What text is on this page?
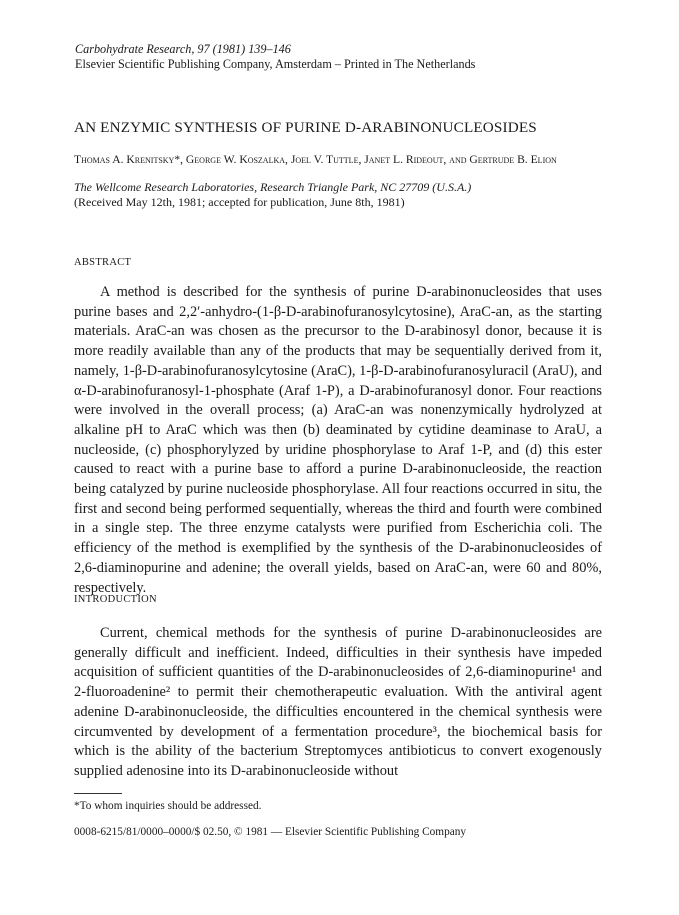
Carbohydrate Research, 97 (1981) 139–146
Elsevier Scientific Publishing Company, Amsterdam – Printed in The Netherlands
AN ENZYMIC SYNTHESIS OF PURINE D-ARABINONUCLEOSIDES
Thomas A. Krenitsky*, George W. Koszalka, Joel V. Tuttle, Janet L. Rideout, and Gertrude B. Elion
The Wellcome Research Laboratories, Research Triangle Park, NC 27709 (U.S.A.)
(Received May 12th, 1981; accepted for publication, June 8th, 1981)
ABSTRACT

A method is described for the synthesis of purine D-arabinonucleosides that uses purine bases and 2,2′-anhydro-(1-β-D-arabinofuranosylcytosine), AraC-an, as the starting materials. AraC-an was chosen as the precursor to the D-arabinosyl donor, because it is more readily available than any of the products that may be sequentially derived from it, namely, 1-β-D-arabinofuranosylcytosine (AraC), 1-β-D-arabinofuranosyluracil (AraU), and α-D-arabinofuranosyl-1-phosphate (Araf 1-P), a D-arabinofuranosyl donor. Four reactions were involved in the overall process; (a) AraC-an was nonenzymically hydrolyzed at alkaline pH to AraC which was then (b) deaminated by cytidine deaminase to AraU, a nucleoside, (c) phosphorylyzed by uridine phosphorylase to Araf 1-P, and (d) this ester caused to react with a purine base to afford a purine D-arabinonucleoside, the reaction being catalyzed by purine nucleoside phosphorylase. All four reactions occurred in situ, the first and second being performed sequentially, whereas the third and fourth were combined in a single step. The three enzyme catalysts were purified from Escherichia coli. The efficiency of the method is exemplified by the synthesis of the D-arabinonucleosides of 2,6-diaminopurine and adenine; the overall yields, based on AraC-an, were 60 and 80%, respectively.

INTRODUCTION

Current, chemical methods for the synthesis of purine D-arabinonucleosides are generally difficult and inefficient. Indeed, difficulties in their synthesis have impeded acquisition of sufficient quantities of the D-arabinonucleosides of 2,6-diaminopurine¹ and 2-fluoroadenine² to permit their chemotherapeutic evaluation. With the antiviral agent adenine D-arabinonucleoside, the difficulties encountered in the chemical synthesis were circumvented by development of a fermentation procedure³, the biochemical basis for which is the ability of the bacterium Streptomyces antibioticus to convert exogenously supplied adenosine into its D-arabinonucleoside without

*To whom inquiries should be addressed.
0008-6215/81/0000–0000/$ 02.50, © 1981 — Elsevier Scientific Publishing Company
